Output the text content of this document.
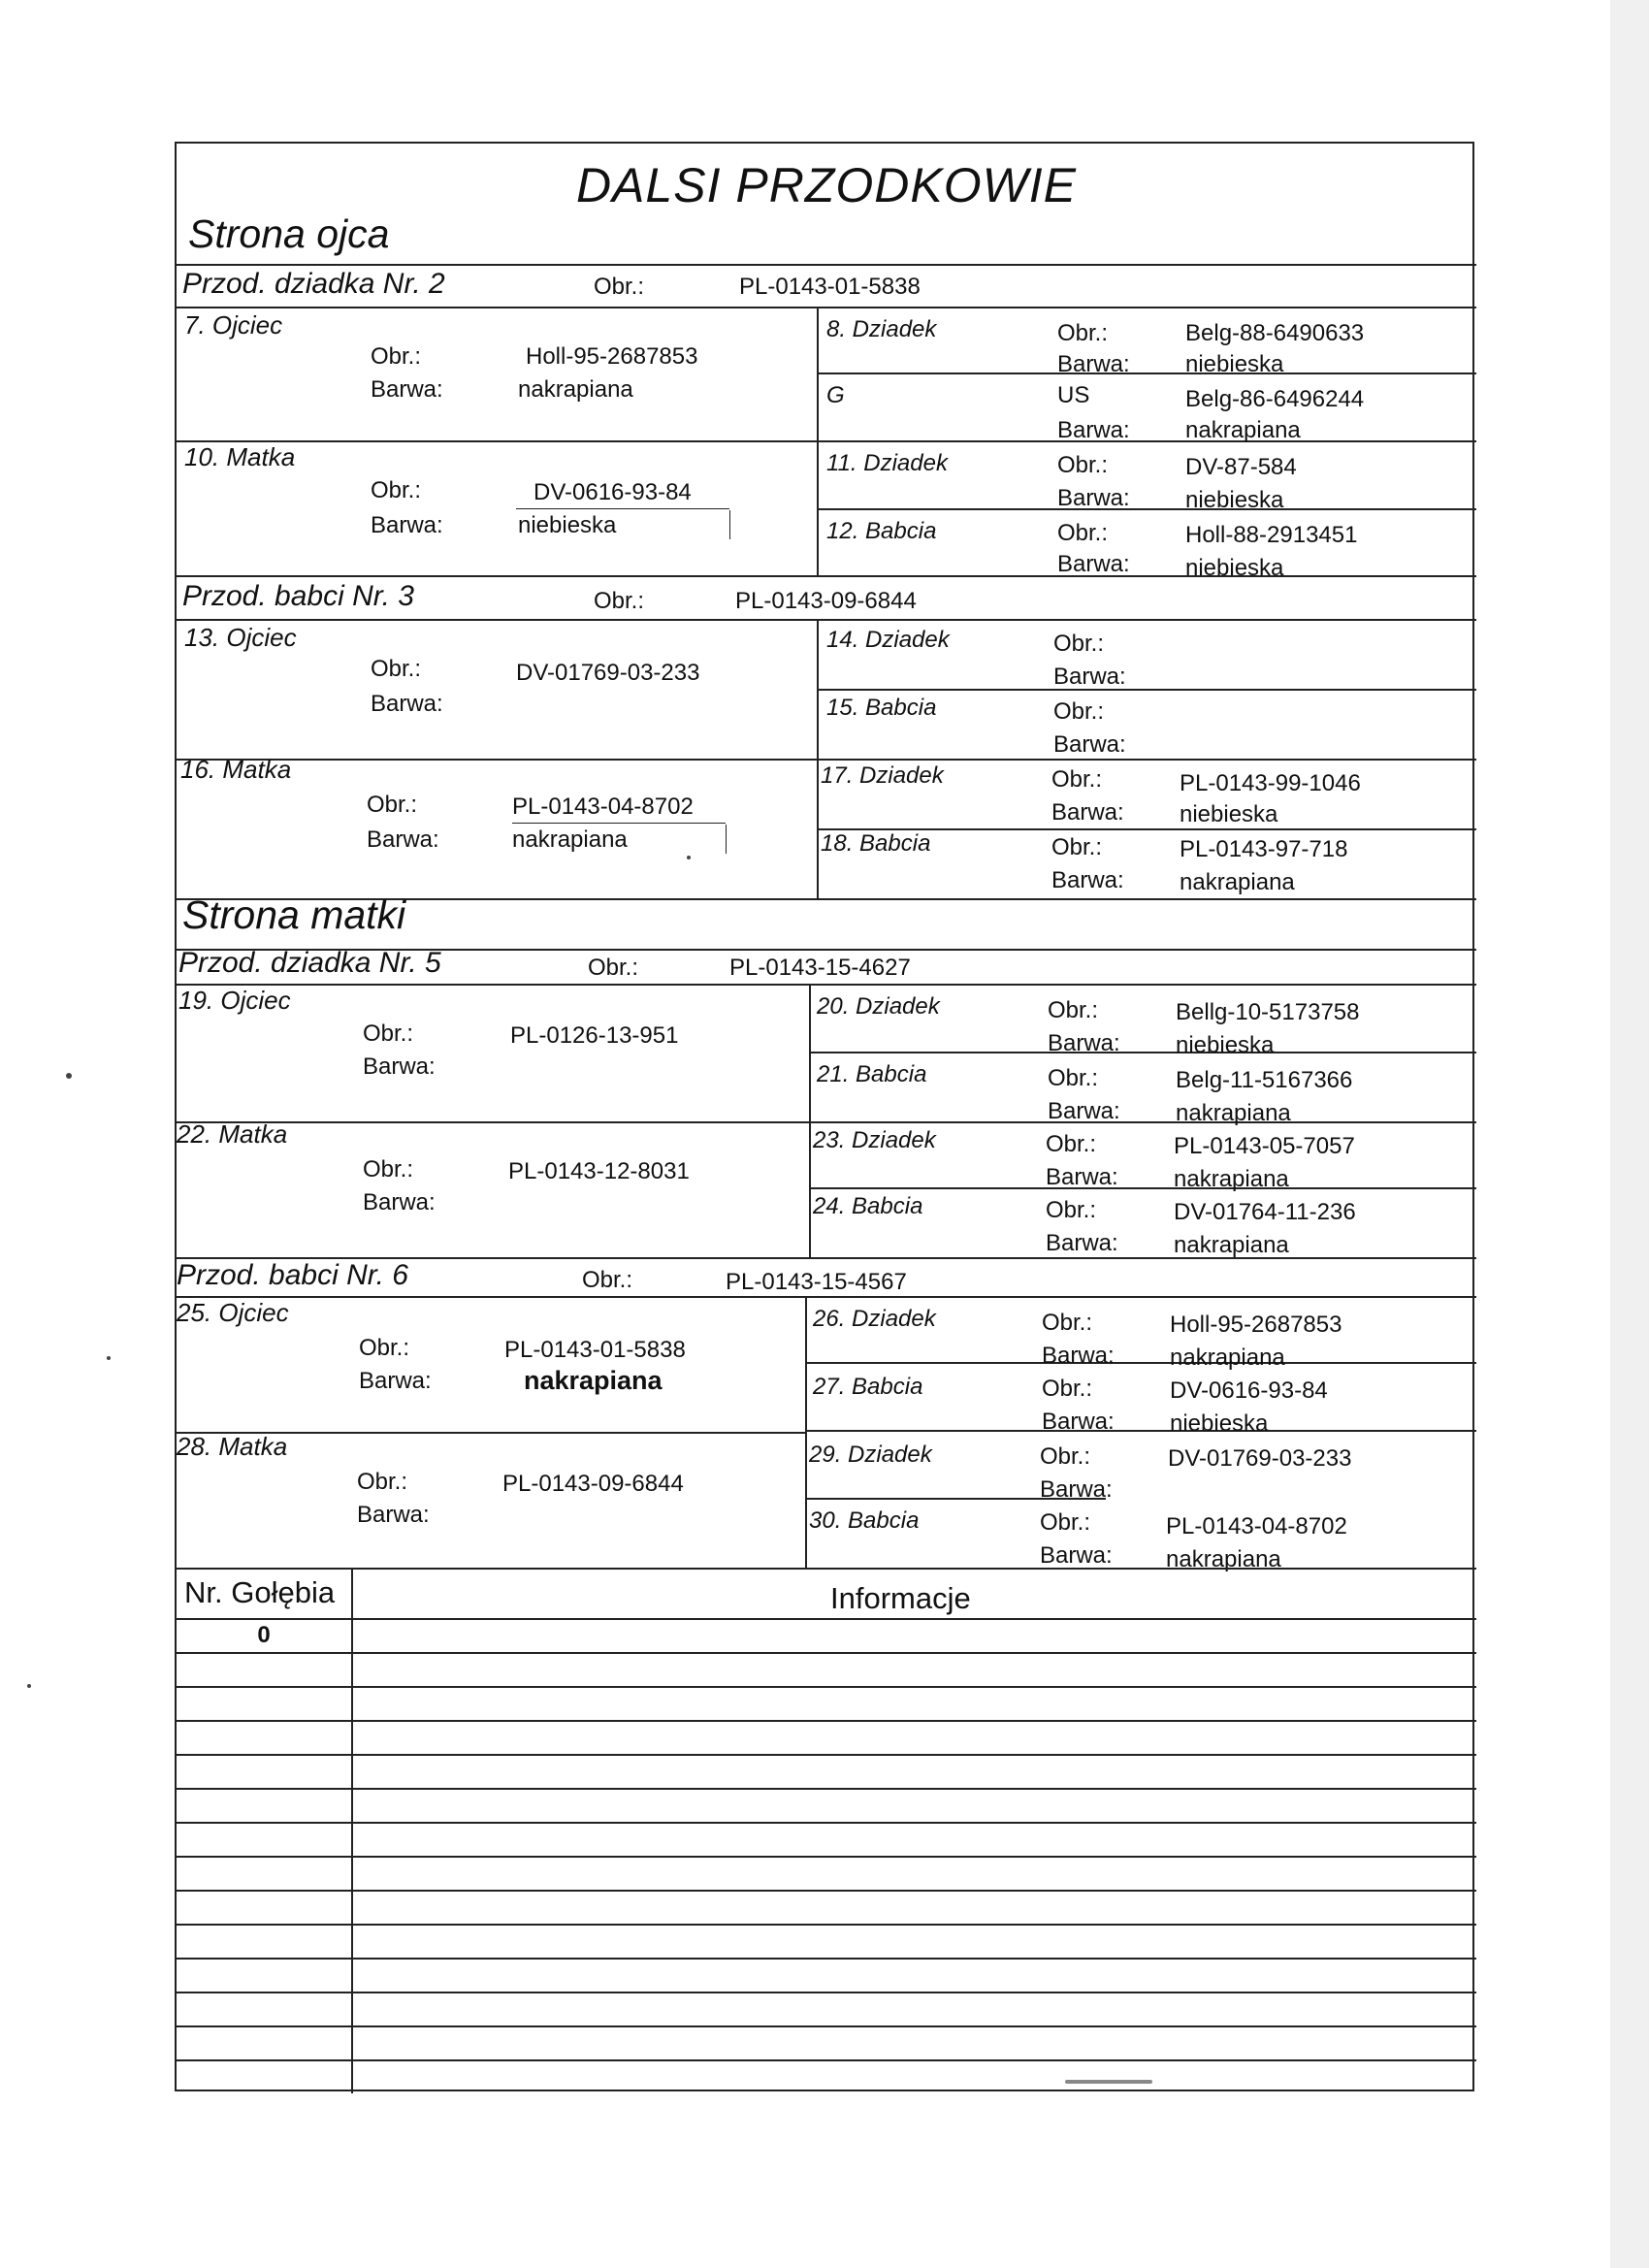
DALSI PRZODKOWIE
Strona ojca
Przod. dziadka Nr. 2	Obr.:	PL-0143-01-5838
7. Ojciec
Obr.:	Holl-95-2687853
Barwa:	nakrapiana
8. Dziadek	Obr.:	Belg-88-6490633
Barwa: niebieska
G	US	Belg-86-6496244
Barwa: nakrapiana
10. Matka
Obr.:	DV-0616-93-84
Barwa:	niebieska
11. Dziadek	Obr.:	DV-87-584
Barwa: niebieska
12. Babcia	Obr.:	Holl-88-2913451
Barwa: niebieska
Przod. babci Nr. 3	Obr.:	PL-0143-09-6844
13. Ojciec
Obr.:	DV-01769-03-233
Barwa:
14. Dziadek	Obr.:
Barwa:
15. Babcia	Obr.:
Barwa:
16. Matka
Obr.:	PL-0143-04-8702
Barwa:	nakrapiana
17. Dziadek	Obr.:	PL-0143-99-1046
Barwa: niebieska
18. Babcia	Obr.:	PL-0143-97-718
Barwa: nakrapiana
Strona matki
Przod. dziadka Nr. 5	Obr.:	PL-0143-15-4627
19. Ojciec
Obr.:	PL-0126-13-951
Barwa:
20. Dziadek	Obr.:	Bellg-10-5173758
Barwa: niebieska
21. Babcia	Obr.:	Belg-11-5167366
Barwa: nakrapiana
22. Matka
Obr.:	PL-0143-12-8031
Barwa:
23. Dziadek	Obr.:	PL-0143-05-7057
Barwa: nakrapiana
24. Babcia	Obr.:	DV-01764-11-236
Barwa: nakrapiana
Przod. babci Nr. 6	Obr.:	PL-0143-15-4567
25. Ojciec
Obr.:	PL-0143-01-5838
Barwa:	nakrapiana
26. Dziadek	Obr.:	Holl-95-2687853
Barwa: nakrapiana
27. Babcia	Obr.:	DV-0616-93-84
Barwa: niebieska
28. Matka
Obr.:	PL-0143-09-6844
Barwa:
29. Dziadek	Obr.:	DV-01769-03-233
Barwa:
30. Babcia	Obr.:	PL-0143-04-8702
Barwa: nakrapiana
Nr. Gołębia	Informacje
0
